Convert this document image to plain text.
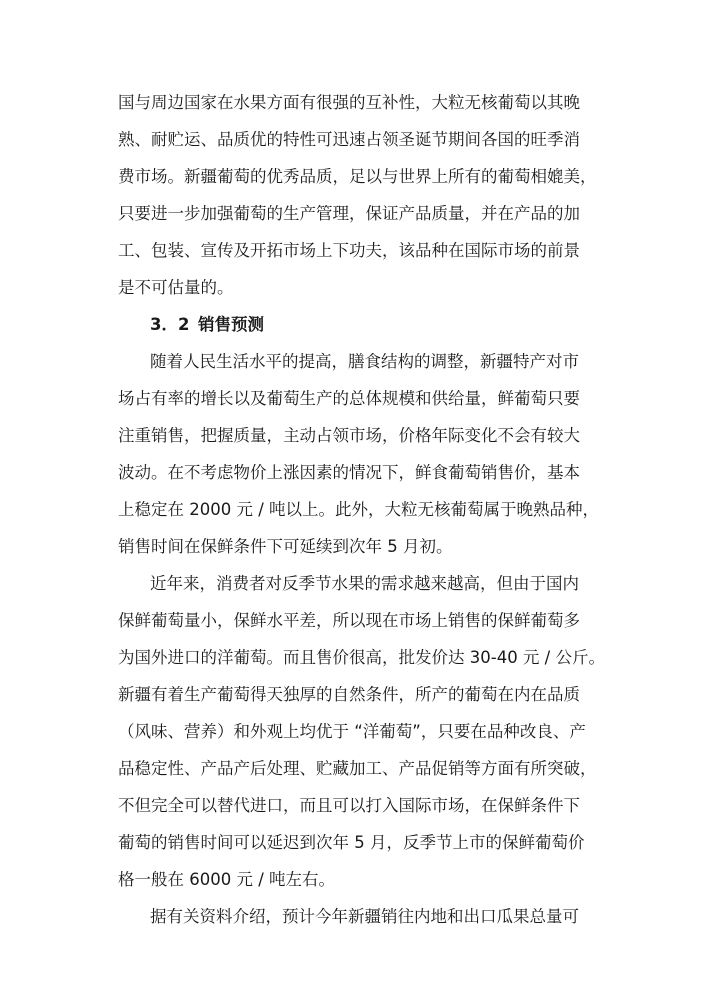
国与周边国家在水果方面有很强的互补性，大粒无核葡萄以其晚
熟、耐贮运、品质优的特性可迅速占领圣诞节期间各国的旺季消
费市场。新疆葡萄的优秀品质，足以与世界上所有的葡萄相媲美，
只要进一步加强葡萄的生产管理，保证产品质量，并在产品的加
工、包装、宣传及开拓市场上下功夫，该品种在国际市场的前景
是不可估量的。
3．2 销售预测
随着人民生活水平的提高，膳食结构的调整，新疆特产对市
场占有率的增长以及葡萄生产的总体规模和供给量，鲜葡萄只要
注重销售，把握质量，主动占领市场，价格年际变化不会有较大
波动。在不考虑物价上涨因素的情况下，鲜食葡萄销售价，基本
上稳定在 2000 元 / 吨以上。此外，大粒无核葡萄属于晚熟品种，
销售时间在保鲜条件下可延续到次年 5 月初。
近年来，消费者对反季节水果的需求越来越高，但由于国内
保鲜葡萄量小，保鲜水平差，所以现在市场上销售的保鲜葡萄多
为国外进口的洋葡萄。而且售价很高，批发价达 30-40 元 / 公斤。
新疆有着生产葡萄得天独厚的自然条件，所产的葡萄在内在品质
（风味、营养）和外观上均优于 “洋葡萄”，只要在品种改良、产
品稳定性、产品产后处理、贮藏加工、产品促销等方面有所突破，
不但完全可以替代进口，而且可以打入国际市场，在保鲜条件下
葡萄的销售时间可以延迟到次年 5 月，反季节上市的保鲜葡萄价
格一般在 6000 元 / 吨左右。
据有关资料介绍，预计今年新疆销往内地和出口瓜果总量可
